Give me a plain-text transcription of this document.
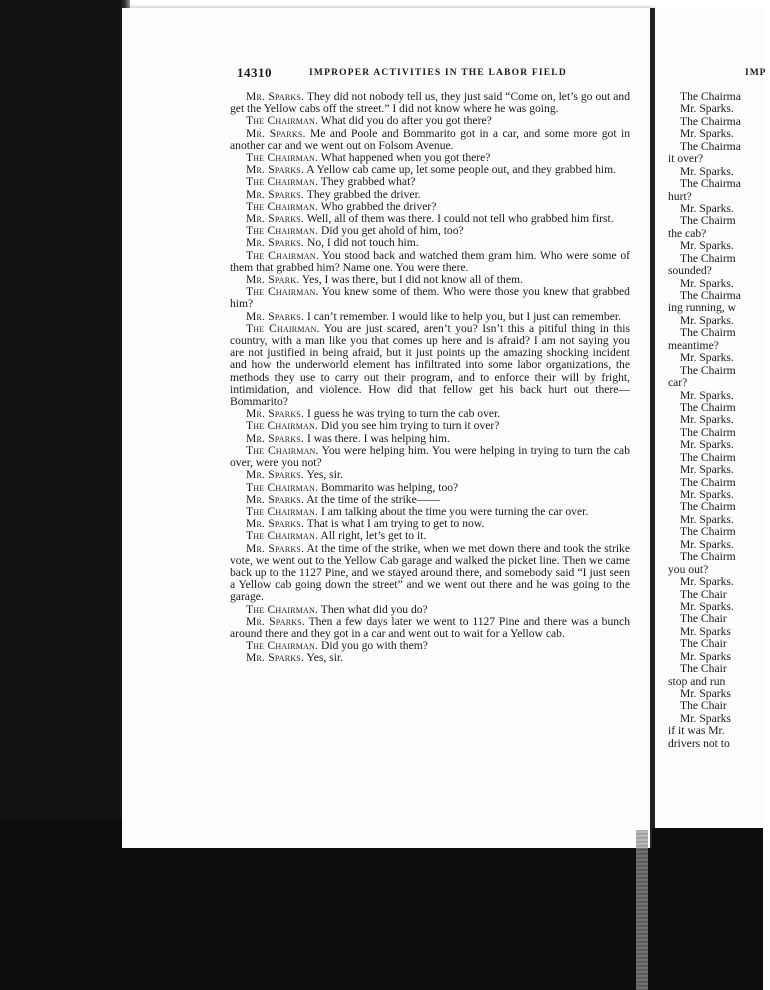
14310	IMPROPER ACTIVITIES IN THE LABOR FIELD

Mr. Sparks. They did not nobody tell us, they just said “Come on, let’s go out and get the Yellow cabs off the street.” I did not know where he was going.

The Chairman. What did you do after you got there?

Mr. Sparks. Me and Poole and Bommarito got in a car, and some more got in another car and we went out on Folsom Avenue.

The Chairman. What happened when you got there?

Mr. Sparks. A Yellow cab came up, let some people out, and they grabbed him.

The Chairman. They grabbed what?

Mr. Sparks. They grabbed the driver.

The Chairman. Who grabbed the driver?

Mr. Sparks. Well, all of them was there. I could not tell who grabbed him first.

The Chairman. Did you get ahold of him, too?

Mr. Sparks. No, I did not touch him.

The Chairman. You stood back and watched them gram him. Who were some of them that grabbed him? Name one. You were there.

Mr. Spark. Yes, I was there, but I did not know all of them.

The Chairman. You knew some of them. Who were those you knew that grabbed him?

Mr. Sparks. I can’t remember. I would like to help you, but I just can remember.

The Chairman. You are just scared, aren’t you? Isn’t this a pitiful thing in this country, with a man like you that comes up here and is afraid? I am not saying you are not justified in being afraid, but it just points up the amazing shocking incident and how the underworld element has infiltrated into some labor organizations, the methods they use to carry out their program, and to enforce their will by fright, intimidation, and violence. How did that fellow get his back hurt out there—Bommarito?

Mr. Sparks. I guess he was trying to turn the cab over.

The Chairman. Did you see him trying to turn it over?

Mr. Sparks. I was there. I was helping him.

The Chairman. You were helping him. You were helping in trying to turn the cab over, were you not?

Mr. Sparks. Yes, sir.

The Chairman. Bommarito was helping, too?

Mr. Sparks. At the time of the strike——

The Chairman. I am talking about the time you were turning the car over.

Mr. Sparks. That is what I am trying to get to now.

The Chairman. All right, let’s get to it.

Mr. Sparks. At the time of the strike, when we met down there and took the strike vote, we went out to the Yellow Cab garage and walked the picket line. Then we came back up to the 1127 Pine, and we stayed around there, and somebody said “I just seen a Yellow cab going down the street” and we went out there and he was going to the garage.

The Chairman. Then what did you do?

Mr. Sparks. Then a few days later we went to 1127 Pine and there was a bunch around there and they got in a car and went out to wait for a Yellow cab.

The Chairman. Did you go with them?

Mr. Sparks. Yes, sir.

IMP
The Chairma
Mr. Sparks.
The Chairma
Mr. Sparks.
The Chairma
it over?
Mr. Sparks.
The Chairma
hurt?
Mr. Sparks.
The Chairm
the cab?
Mr. Sparks.
The Chairm
sounded?
Mr. Sparks.
The Chairma
ing running, w
Mr. Sparks.
The Chairm
meantime?
Mr. Sparks.
The Chairm
car?
Mr. Sparks.
The Chairm
Mr. Sparks.
The Chairm
Mr. Sparks.
The Chairm
Mr. Sparks.
The Chairm
Mr. Sparks.
The Chairm
Mr. Sparks.
The Chairm
Mr. Sparks.
The Chairm
you out?
Mr. Sparks.
The Chair
Mr. Sparks.
The Chair
Mr. Sparks
The Chair
Mr. Sparks
The Chair
stop and run
Mr. Sparks
The Chair
Mr. Sparks
if it was Mr.
drivers not to
